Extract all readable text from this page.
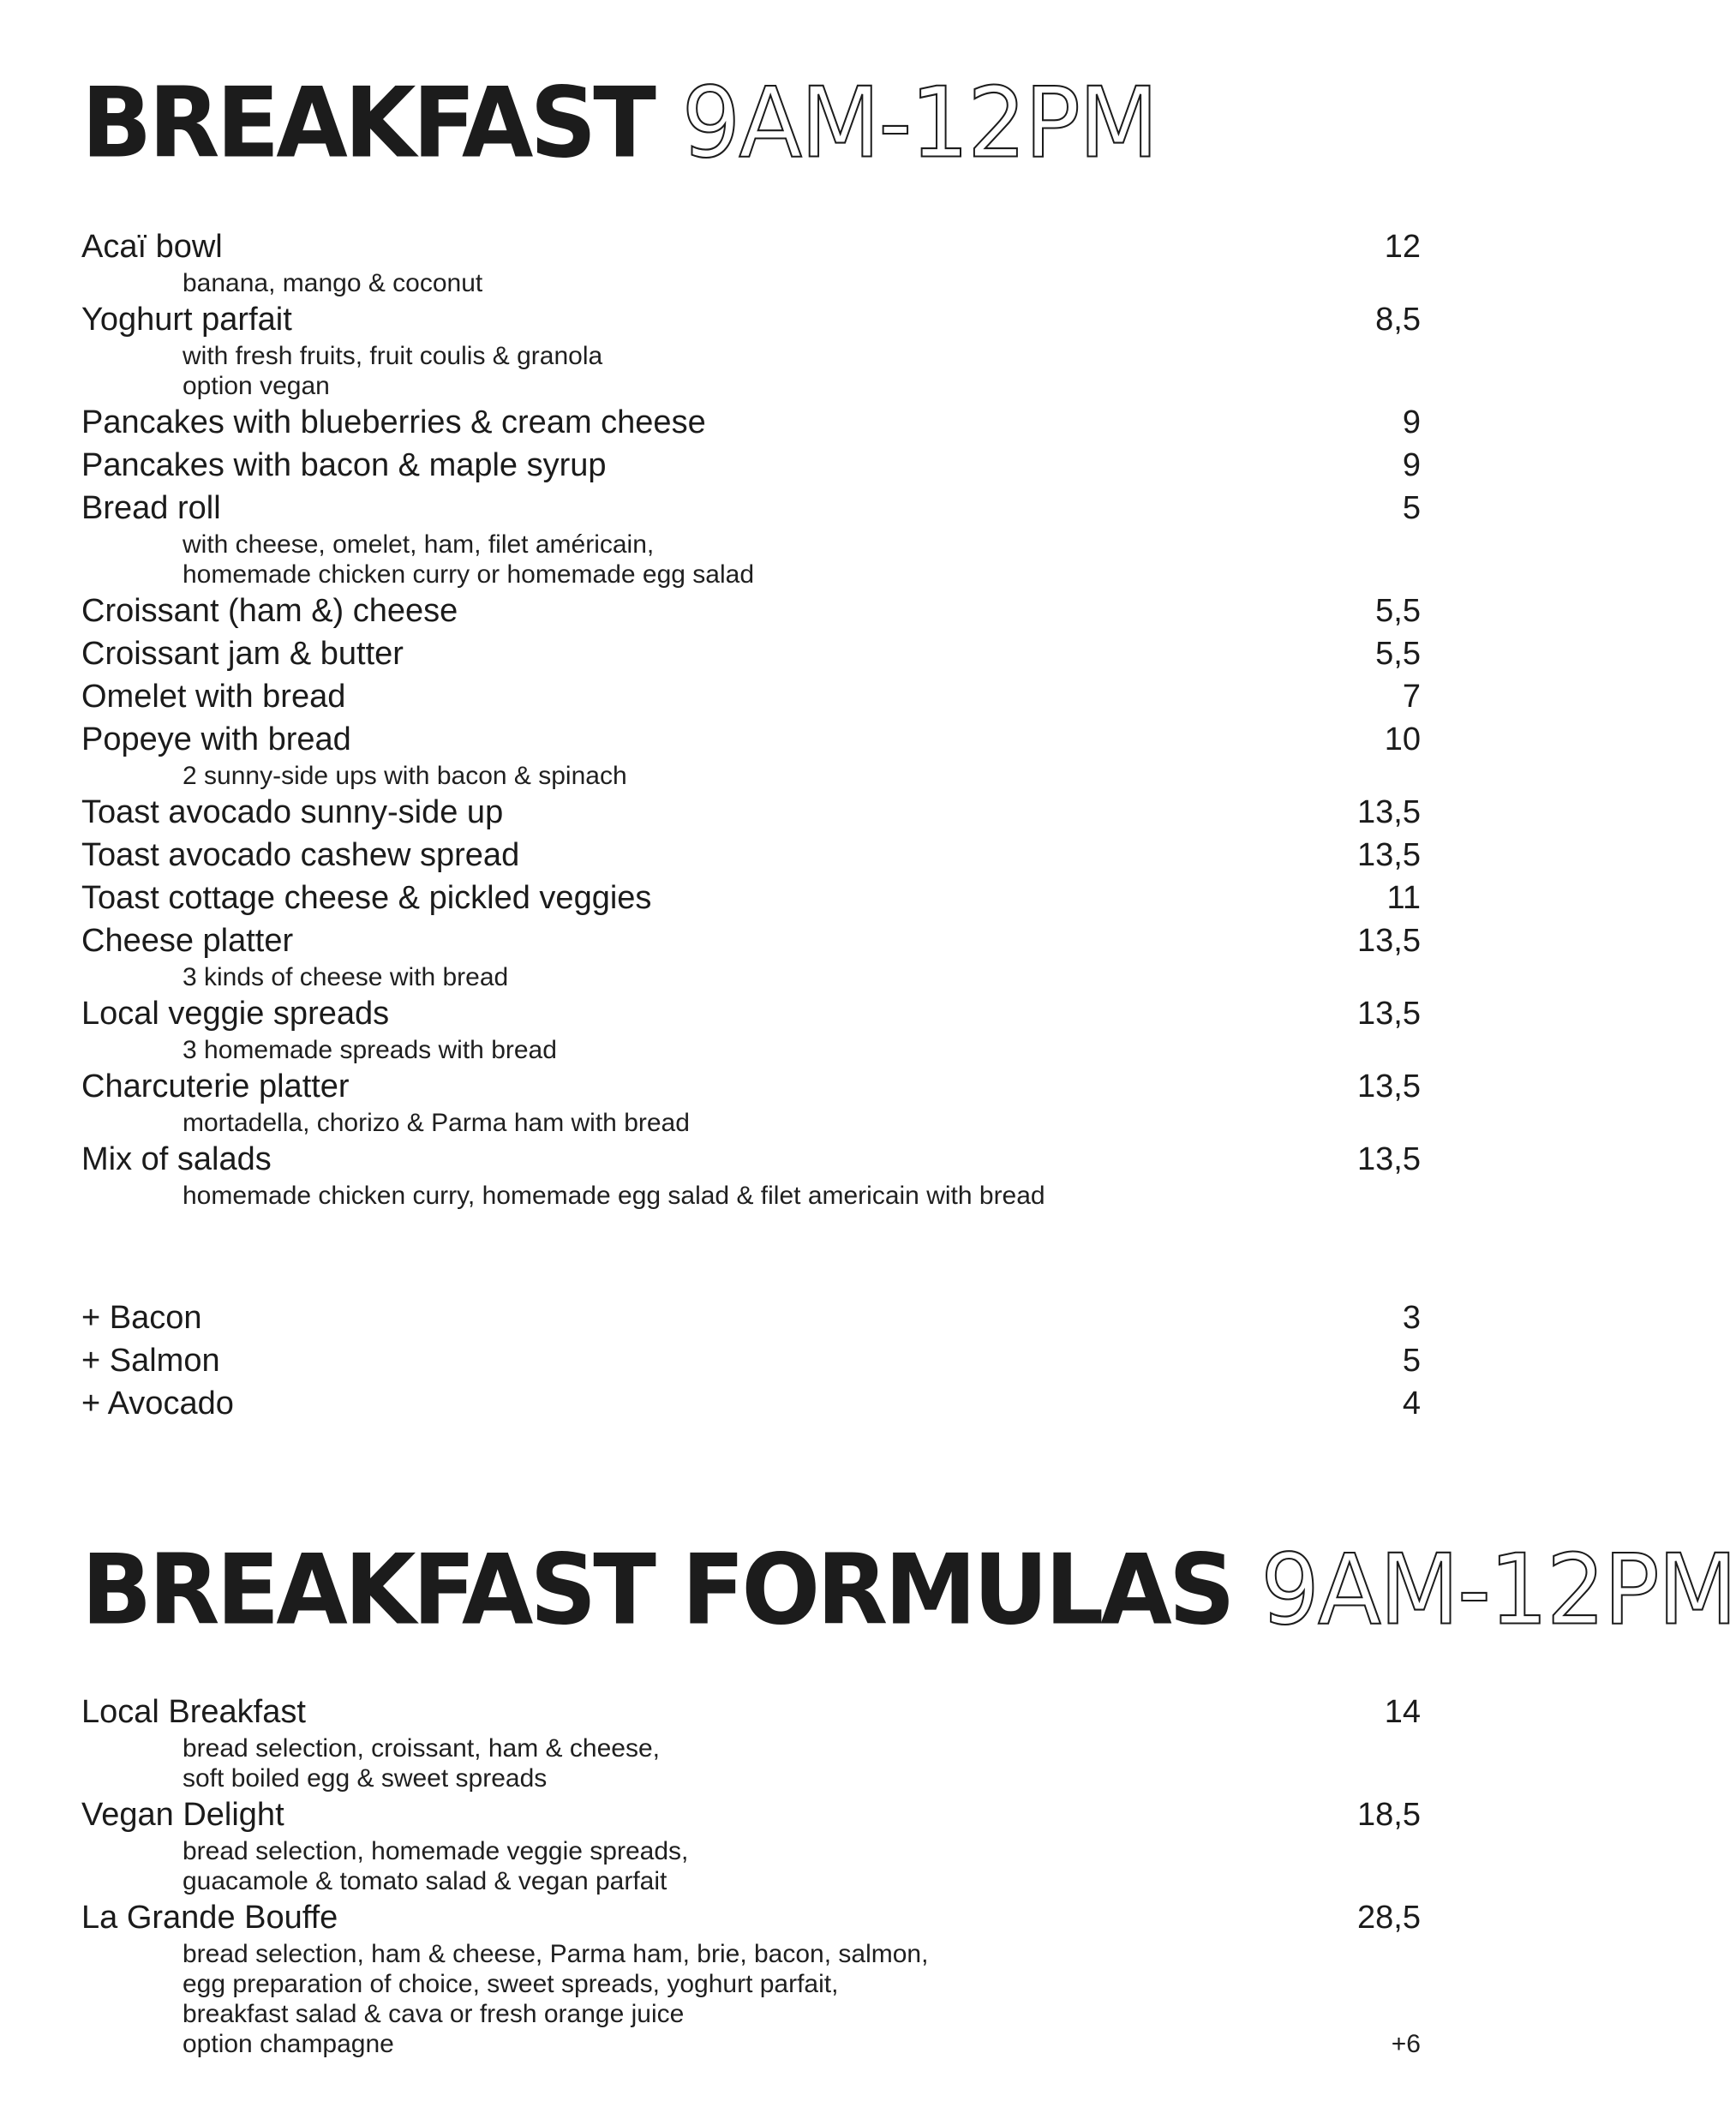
BREAKFAST 9AM-12PM
Acaï bowl	12
banana, mango & coconut
Yoghurt parfait	8,5
with fresh fruits, fruit coulis & granola
option vegan
Pancakes with blueberries & cream cheese	9
Pancakes with bacon & maple syrup	9
Bread roll	5
with cheese, omelet, ham, filet américain,
homemade chicken curry or homemade egg salad
Croissant (ham &) cheese	5,5
Croissant jam & butter	5,5
Omelet with bread	7
Popeye with bread	10
2 sunny-side ups with bacon & spinach
Toast avocado sunny-side up	13,5
Toast avocado cashew spread	13,5
Toast cottage cheese & pickled veggies	11
Cheese platter	13,5
3 kinds of cheese with bread
Local veggie spreads	13,5
3 homemade spreads with bread
Charcuterie platter	13,5
mortadella, chorizo & Parma ham with bread
Mix of salads	13,5
homemade chicken curry, homemade egg salad & filet americain with bread
+ Bacon	3
+ Salmon	5
+ Avocado	4
BREAKFAST FORMULAS 9AM-12PM
Local Breakfast	14
bread selection, croissant, ham & cheese,
soft boiled egg & sweet spreads
Vegan Delight	18,5
bread selection, homemade veggie spreads,
guacamole & tomato salad & vegan parfait
La Grande Bouffe	28,5
bread selection, ham & cheese, Parma ham, brie, bacon, salmon,
egg preparation of choice, sweet spreads, yoghurt parfait,
breakfast salad & cava or fresh orange juice
option champagne	+6
